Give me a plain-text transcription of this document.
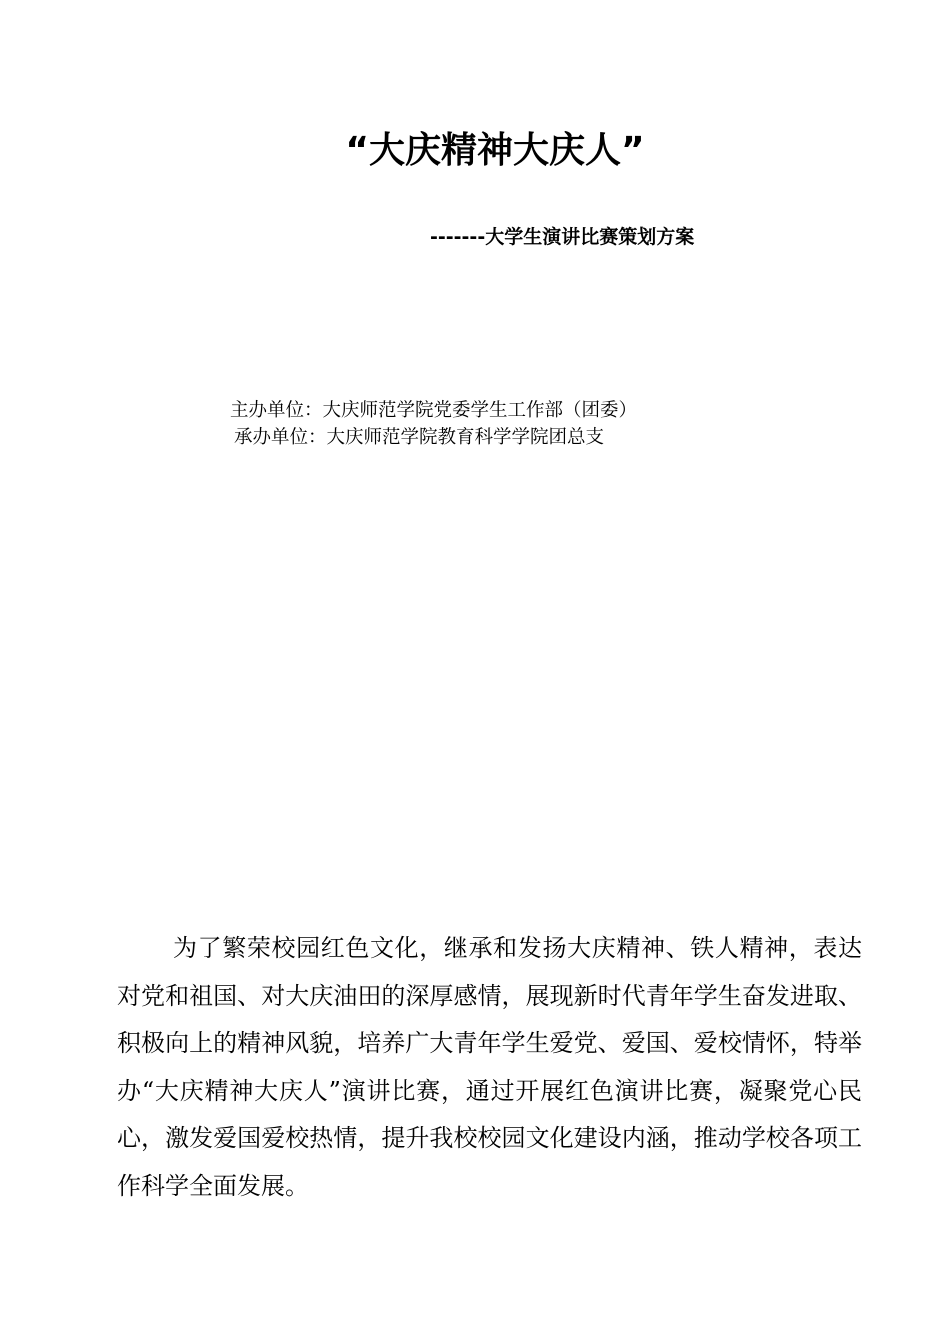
“大庆精神大庆人”
-------大学生演讲比赛策划方案
主办单位：大庆师范学院党委学生工作部（团委）
承办单位：大庆师范学院教育科学学院团总支

为了繁荣校园红色文化，继承和发扬大庆精神、铁人精神，表达对党和祖国、对大庆油田的深厚感情，展现新时代青年学生奋发进取、积极向上的精神风貌，培养广大青年学生爱党、爱国、爱校情怀，特举办“大庆精神大庆人”演讲比赛，通过开展红色演讲比赛，凝聚党心民心，激发爱国爱校热情，提升我校校园文化建设内涵，推动学校各项工作科学全面发展。
